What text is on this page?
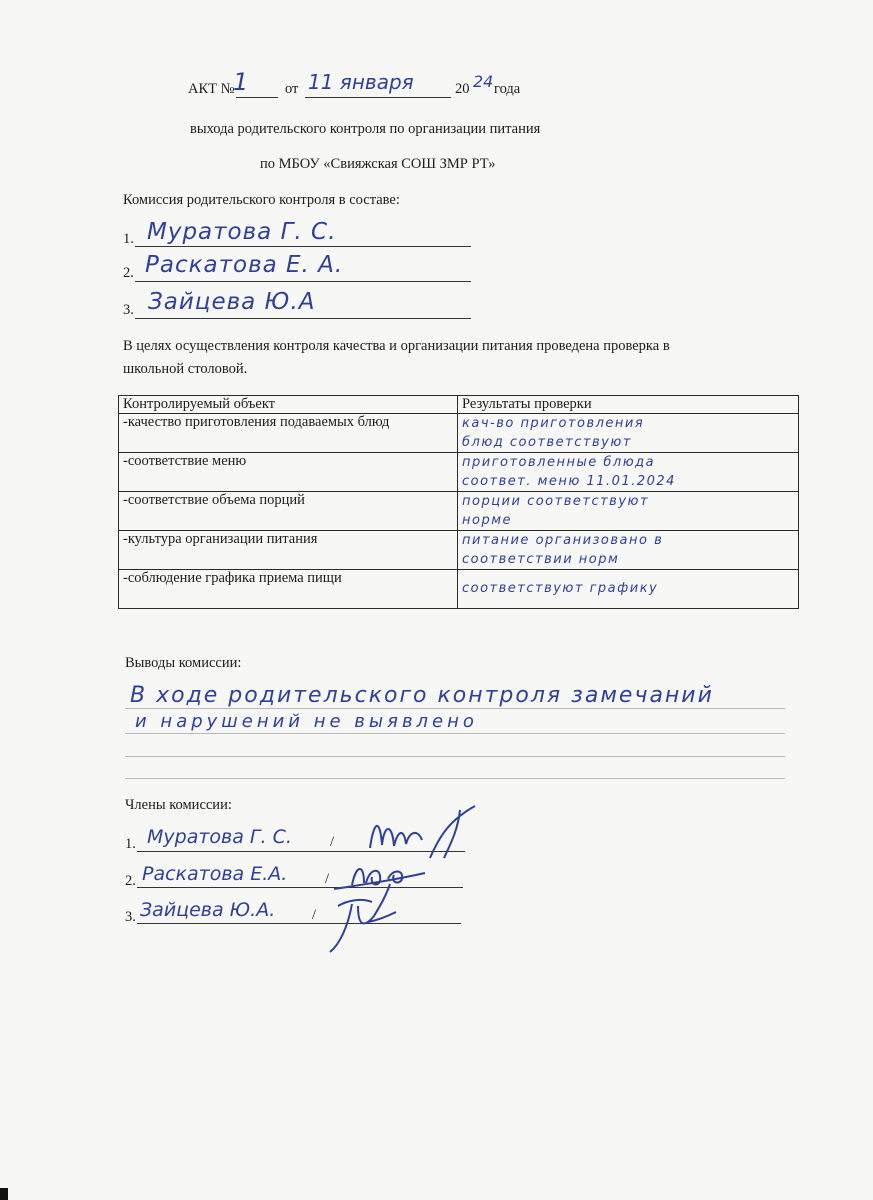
АКТ №
1	от 11 января	20 24 года
выхода родительского контроля по организации питания
по МБОУ «Свияжская СОШ ЗМР РТ»
Комиссия родительского контроля в составе:
1. Муратова Г. С.
2. Раскатова Е. А.
3. Зайцева Ю.А
В целях осуществления контроля качества и организации питания проведена проверка в
школьной столовой.
Контролируемый объект	Результаты проверки
-качество приготовления подаваемых блюд	кач-во приготовления
блюд соответствуют

-соответствие меню	приготовленные блюда
соответ. меню 11.01.2024

-соответствие объема порций	порции соответствуют
норме

-культура организации питания	питание организовано в
соответствии норм

-соблюдение графика приема пищи	соответствуют графику
Выводы комиссии:
В ходе родительского контроля замечаний
и нарушений не выявлено
Члены комиссии:
1. Муратова Г. С.	/
2. Раскатова Е.А.	/
3. Зайцева Ю.А.	/
